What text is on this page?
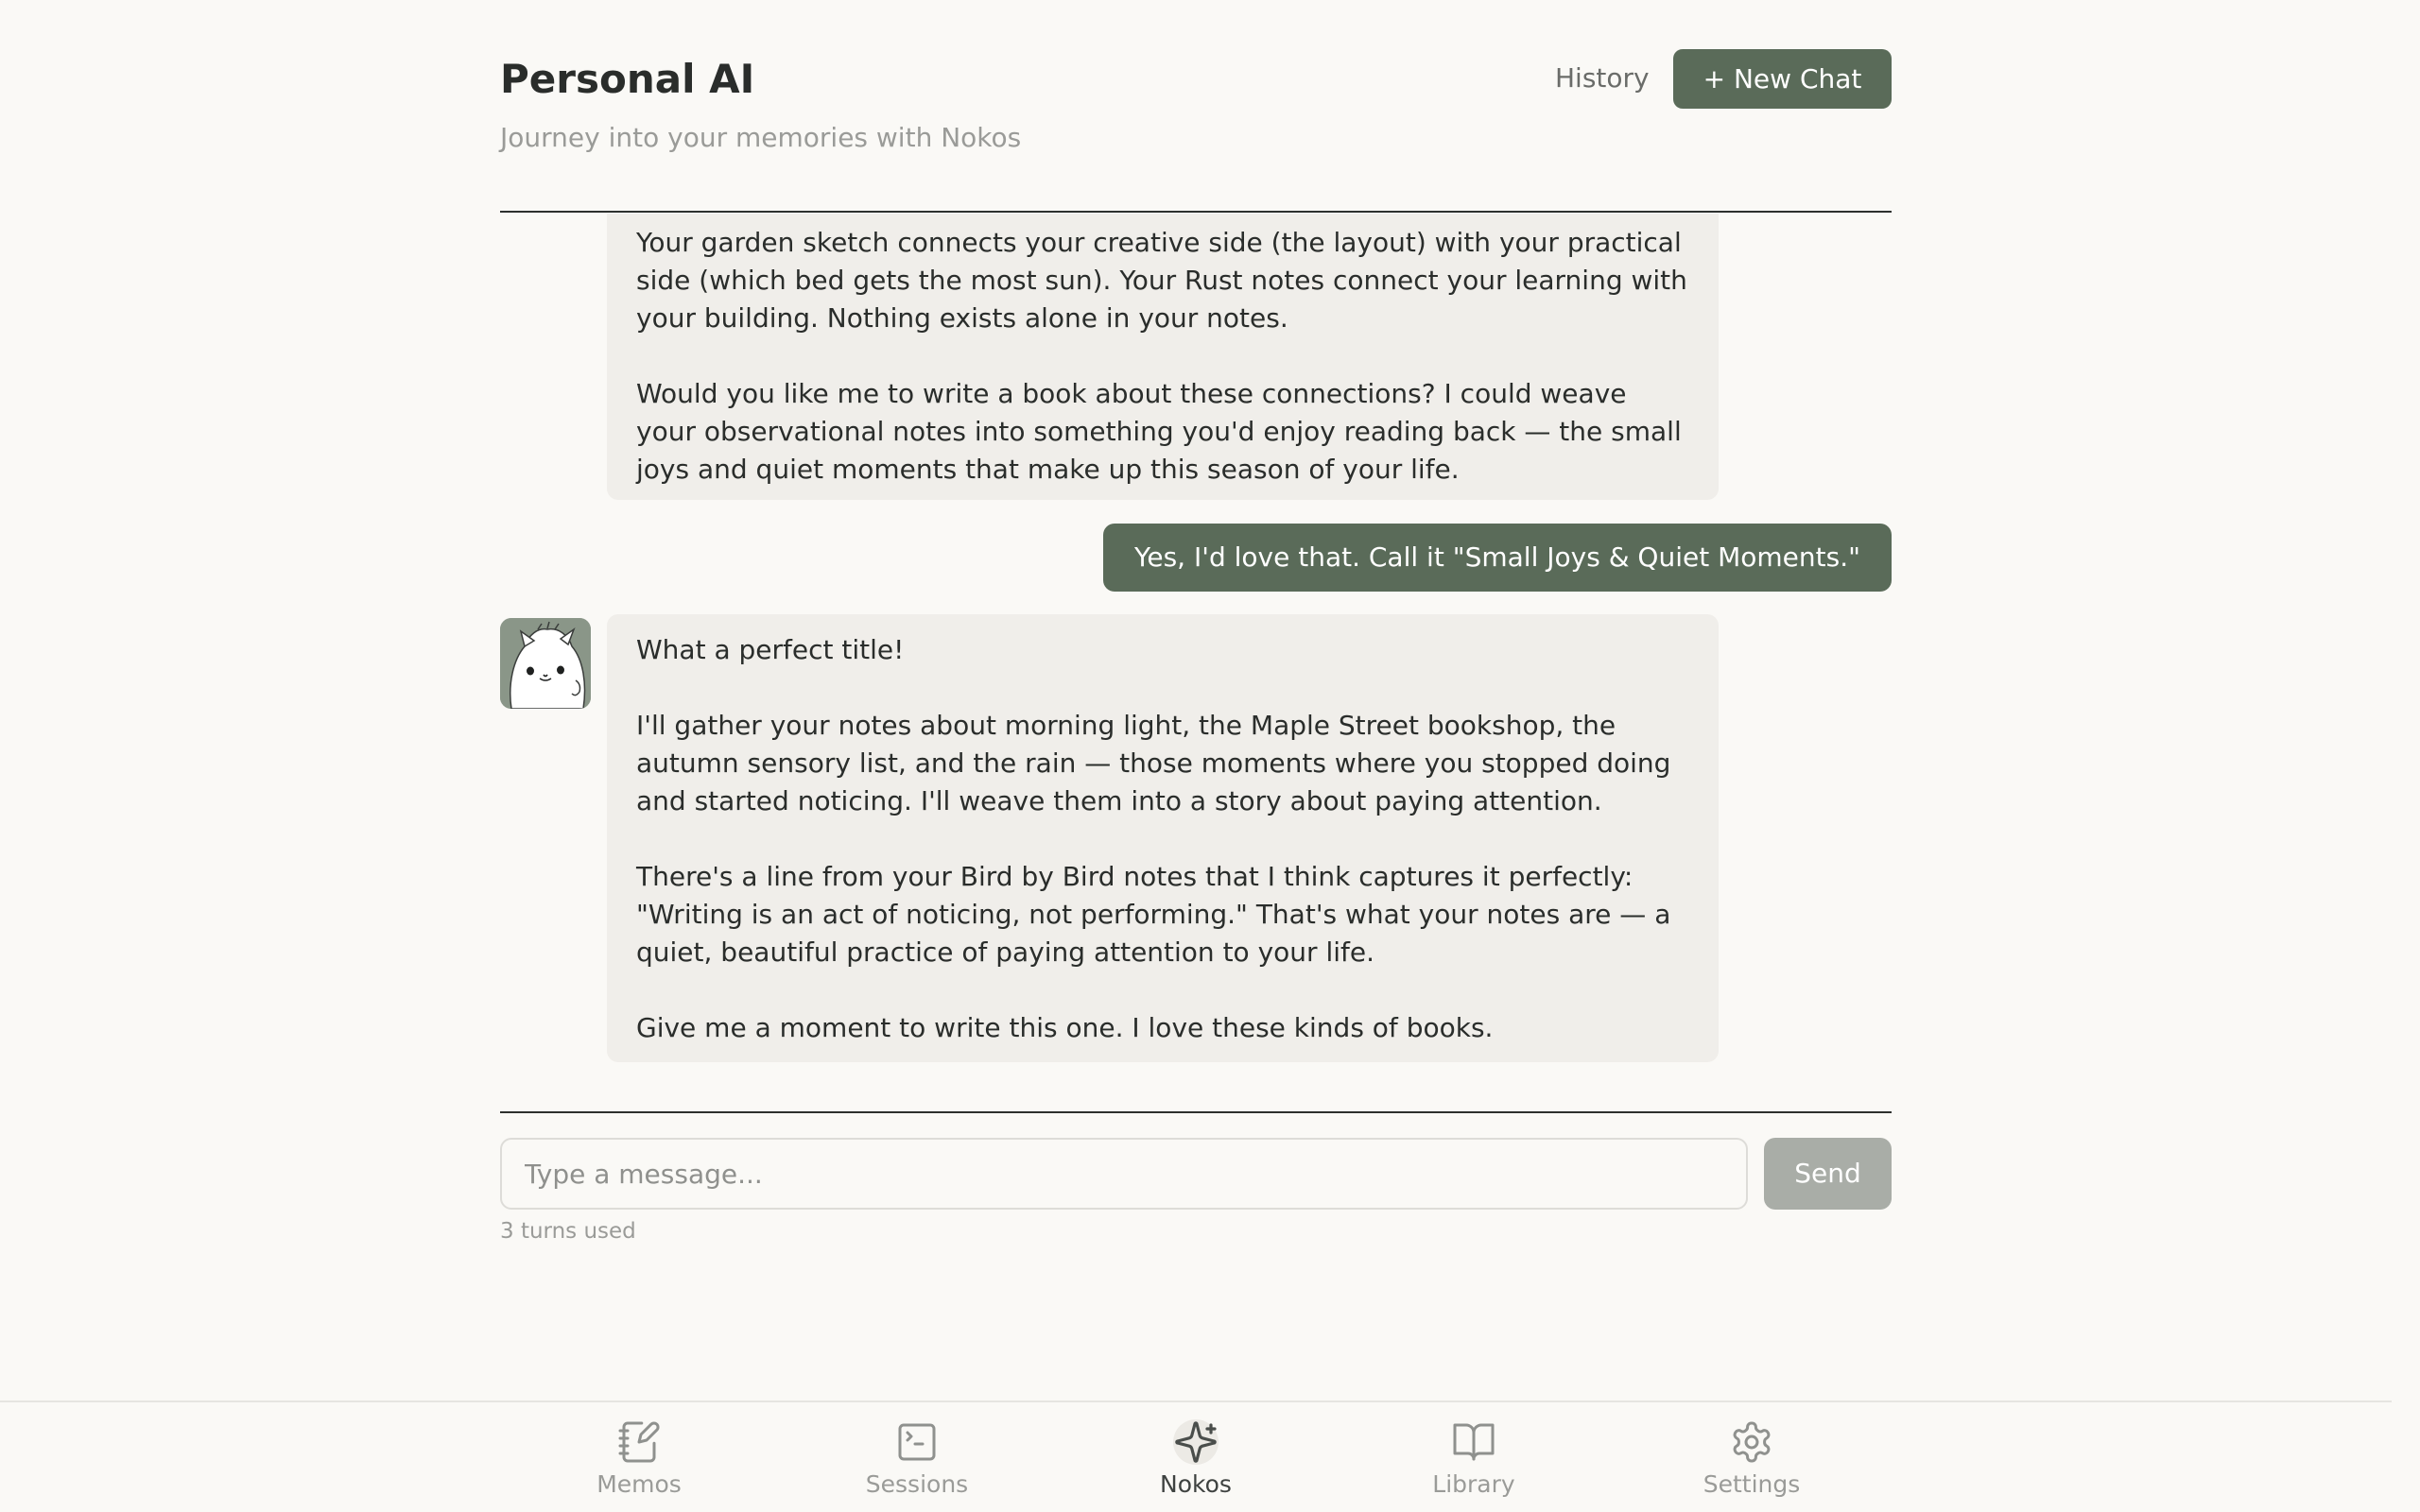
Personal AI
Journey into your memories with Nokos
History	+ New Chat

Your garden sketch connects your creative side (the layout) with your practical side (which bed gets the most sun). Your Rust notes connect your learning with your building. Nothing exists alone in your notes.

Would you like me to write a book about these connections? I could weave your observational notes into something you'd enjoy reading back — the small joys and quiet moments that make up this season of your life.

Yes, I'd love that. Call it "Small Joys & Quiet Moments."

What a perfect title!

I'll gather your notes about morning light, the Maple Street bookshop, the autumn sensory list, and the rain — those moments where you stopped doing and started noticing. I'll weave them into a story about paying attention.

There's a line from your Bird by Bird notes that I think captures it perfectly: "Writing is an act of noticing, not performing." That's what your notes are — a quiet, beautiful practice of paying attention to your life.

Give me a moment to write this one. I love these kinds of books.

Type a message...
Send
3 turns used
Memos	Sessions	Nokos	Library	Settings
